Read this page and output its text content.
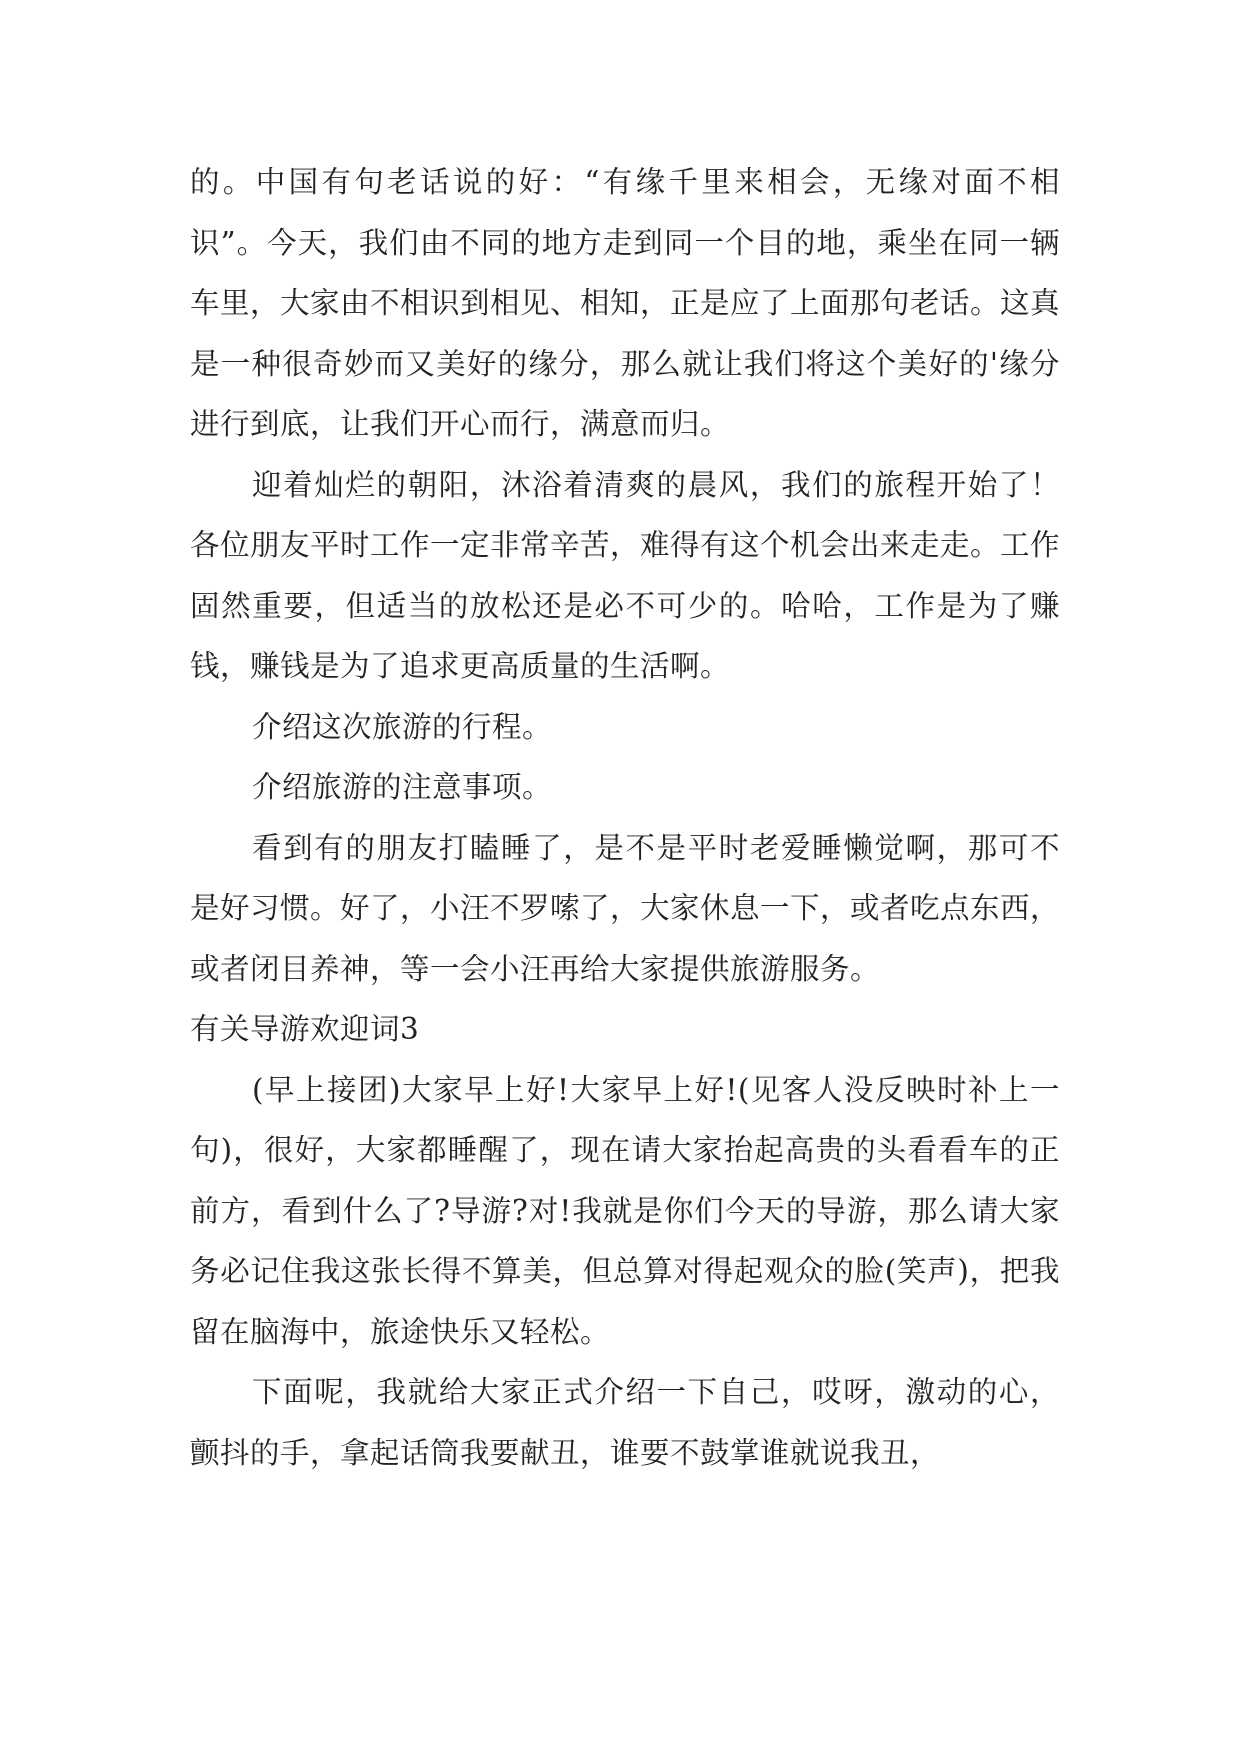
的。中国有句老话说的好：“有缘千里来相会，无缘对面不相识”。今天，我们由不同的地方走到同一个目的地，乘坐在同一辆车里，大家由不相识到相见、相知，正是应了上面那句老话。这真是一种很奇妙而又美好的缘分，那么就让我们将这个美好的'缘分进行到底，让我们开心而行，满意而归。

迎着灿烂的朝阳，沐浴着清爽的晨风，我们的旅程开始了！各位朋友平时工作一定非常辛苦，难得有这个机会出来走走。工作固然重要，但适当的放松还是必不可少的。哈哈，工作是为了赚钱，赚钱是为了追求更高质量的生活啊。

介绍这次旅游的行程。

介绍旅游的注意事项。

看到有的朋友打瞌睡了，是不是平时老爱睡懒觉啊，那可不是好习惯。好了，小汪不罗嗦了，大家休息一下，或者吃点东西，或者闭目养神，等一会小汪再给大家提供旅游服务。

有关导游欢迎词3

(早上接团)大家早上好!大家早上好!(见客人没反映时补上一句)，很好，大家都睡醒了，现在请大家抬起高贵的头看看车的正前方，看到什么了?导游?对!我就是你们今天的导游，那么请大家务必记住我这张长得不算美，但总算对得起观众的脸(笑声)，把我留在脑海中，旅途快乐又轻松。

下面呢，我就给大家正式介绍一下自己，哎呀，激动的心，颤抖的手，拿起话筒我要献丑，谁要不鼓掌谁就说我丑，
